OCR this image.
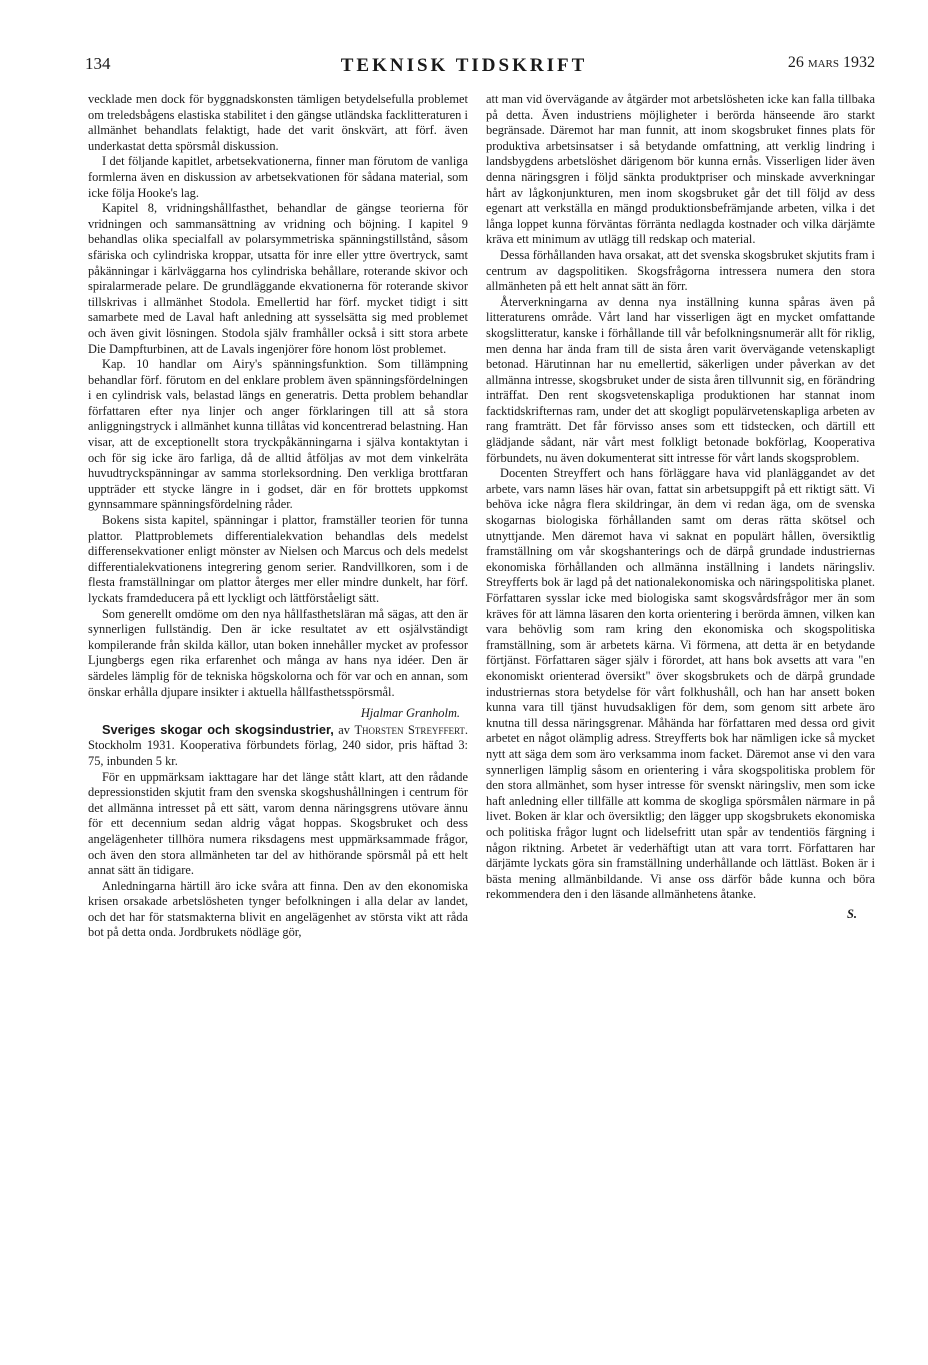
134	TEKNISK TIDSKRIFT	26 mars 1932

vecklade men dock för byggnadskonsten tämligen betydelsefulla problemet om treledsbågens elastiska stabilitet i den gängse utländska facklitteraturen i allmänhet behandlats felaktigt, hade det varit önskvärt, att förf. även underkastat detta spörsmål diskussion.

I det följande kapitlet, arbetsekvationerna, finner man förutom de vanliga formlerna även en diskussion av arbetsekvationen för sådana material, som icke följa Hooke's lag.

Kapitel 8, vridningshållfasthet, behandlar de gängse teorierna för vridningen och sammansättning av vridning och böjning. I kapitel 9 behandlas olika specialfall av polarsymmetriska spänningstillstånd, såsom sfäriska och cylindriska kroppar, utsatta för inre eller yttre övertryck, samt påkänningar i kärlväggarna hos cylindriska behållare, roterande skivor och spiralarmerade pelare. De grundläggande ekvationerna för roterande skivor tillskrivas i allmänhet Stodola. Emellertid har förf. mycket tidigt i sitt samarbete med de Laval haft anledning att sysselsätta sig med problemet och även givit lösningen. Stodola själv framhåller också i sitt stora arbete Die Dampfturbinen, att de Lavals ingenjörer före honom löst problemet.

Kap. 10 handlar om Airy's spänningsfunktion. Som tillämpning behandlar förf. förutom en del enklare problem även spänningsfördelningen i en cylindrisk vals, belastad längs en generatris. Detta problem behandlar författaren efter nya linjer och anger förklaringen till att så stora anliggningstryck i allmänhet kunna tillåtas vid koncentrerad belastning. Han visar, att de exceptionellt stora tryckpåkänningarna i själva kontaktytan i och för sig icke äro farliga, då de alltid åtföljas av mot dem vinkelräta huvudtryckspänningar av samma storleksordning. Den verkliga brottfaran uppträder ett stycke längre in i godset, där en för brottets uppkomst gynnsammare spänningsfördelning råder.

Bokens sista kapitel, spänningar i plattor, framställer teorien för tunna plattor. Plattproblemets differentialekvation behandlas dels medelst differensekvationer enligt mönster av Nielsen och Marcus och dels medelst differentialekvationens integrering genom serier. Randvillkoren, som i de flesta framställningar om plattor återges mer eller mindre dunkelt, har förf. lyckats framdeducera på ett lyckligt och lättförståeligt sätt.

Som generellt omdöme om den nya hållfasthetsläran må sägas, att den är synnerligen fullständig. Den är icke resultatet av ett osjälvständigt kompilerande från skilda källor, utan boken innehåller mycket av professor Ljungbergs egen rika erfarenhet och många av hans nya idéer. Den är särdeles lämplig för de tekniska högskolorna och för var och en annan, som önskar erhålla djupare insikter i aktuella hållfasthetsspörsmål.

Hjalmar Granholm.

Sveriges skogar och skogsindustrier, av Thorsten Streyffert. Stockholm 1931. Kooperativa förbundets förlag, 240 sidor, pris häftad 3: 75, inbunden 5 kr.

För en uppmärksam iakttagare har det länge stått klart, att den rådande depressionstiden skjutit fram den svenska skogshushållningen i centrum för det allmänna intresset på ett sätt, varom denna näringsgrens utövare ännu för ett decennium sedan aldrig vågat hoppas. Skogsbruket och dess angelägenheter tillhöra numera riksdagens mest uppmärksammade frågor, och även den stora allmänheten tar del av hithörande spörsmål på ett helt annat sätt än tidigare.

Anledningarna härtill äro icke svåra att finna. Den av den ekonomiska krisen orsakade arbetslösheten tynger befolkningen i alla delar av landet, och det har för statsmakterna blivit en angelägenhet av största vikt att råda bot på detta onda. Jordbrukets nödläge gör,

att man vid övervägande av åtgärder mot arbetslösheten icke kan falla tillbaka på detta. Även industriens möjligheter i berörda hänseende äro starkt begränsade. Däremot har man funnit, att inom skogsbruket finnes plats för produktiva arbetsinsatser i så betydande omfattning, att verklig lindring i landsbygdens arbetslöshet därigenom bör kunna ernås. Visserligen lider även denna näringsgren i följd sänkta produktpriser och minskade avverkningar hårt av lågkonjunkturen, men inom skogsbruket går det till följd av dess egenart att verkställa en mängd produktionsbefrämjande arbeten, vilka i det långa loppet kunna förväntas förränta nedlagda kostnader och vilka därjämte kräva ett minimum av utlägg till redskap och material.

Dessa förhållanden hava orsakat, att det svenska skogsbruket skjutits fram i centrum av dagspolitiken. Skogsfrågorna intressera numera den stora allmänheten på ett helt annat sätt än förr.

Återverkningarna av denna nya inställning kunna spåras även på litteraturens område. Vårt land har visserligen ägt en mycket omfattande skogslitteratur, kanske i förhållande till vår befolkningsnumerär allt för riklig, men denna har ända fram till de sista åren varit övervägande vetenskapligt betonad. Härutinnan har nu emellertid, säkerligen under påverkan av det allmänna intresse, skogsbruket under de sista åren tillvunnit sig, en förändring inträffat. Den rent skogsvetenskapliga produktionen har stannat inom facktidskrifternas ram, under det att skogligt populärvetenskapliga arbeten av rang framträtt. Det får förvisso anses som ett tidstecken, och därtill ett glädjande sådant, när vårt mest folkligt betonade bokförlag, Kooperativa förbundets, nu även dokumenterat sitt intresse för vårt lands skogsproblem.

Docenten Streyffert och hans förläggare hava vid planläggandet av det arbete, vars namn läses här ovan, fattat sin arbetsuppgift på ett riktigt sätt. Vi behöva icke några flera skildringar, än dem vi redan äga, om de svenska skogarnas biologiska förhållanden samt om deras rätta skötsel och utnyttjande. Men däremot hava vi saknat en populärt hållen, översiktlig framställning om vår skogshanterings och de därpå grundade industriernas ekonomiska förhållanden och allmänna inställning i landets näringsliv. Streyfferts bok är lagd på det nationalekonomiska och näringspolitiska planet. Författaren sysslar icke med biologiska samt skogsvårdsfrågor mer än som kräves för att lämna läsaren den korta orientering i berörda ämnen, vilken kan vara behövlig som ram kring den ekonomiska och skogspolitiska framställning, som är arbetets kärna. Vi förmena, att detta är en betydande förtjänst. Författaren säger själv i förordet, att hans bok avsetts att vara "en ekonomiskt orienterad översikt" över skogsbrukets och de därpå grundade industriernas stora betydelse för vårt folkhushåll, och han har ansett boken kunna vara till tjänst huvudsakligen för dem, som genom sitt arbete äro knutna till dessa näringsgrenar. Måhända har författaren med dessa ord givit arbetet en något olämplig adress. Streyfferts bok har nämligen icke så mycket nytt att säga dem som äro verksamma inom facket. Däremot anse vi den vara synnerligen lämplig såsom en orientering i våra skogspolitiska problem för den stora allmänhet, som hyser intresse för svenskt näringsliv, men som icke haft anledning eller tillfälle att komma de skogliga spörsmålen närmare in på livet. Boken är klar och översiktlig; den lägger upp skogsbrukets ekonomiska och politiska frågor lugnt och lidelsefritt utan spår av tendentiös färgning i någon riktning. Arbetet är vederhäftigt utan att vara torrt. Författaren har därjämte lyckats göra sin framställning underhållande och lättläst. Boken är i bästa mening allmänbildande. Vi anse oss därför både kunna och böra rekommendera den i den läsande allmänhetens åtanke.

S.
